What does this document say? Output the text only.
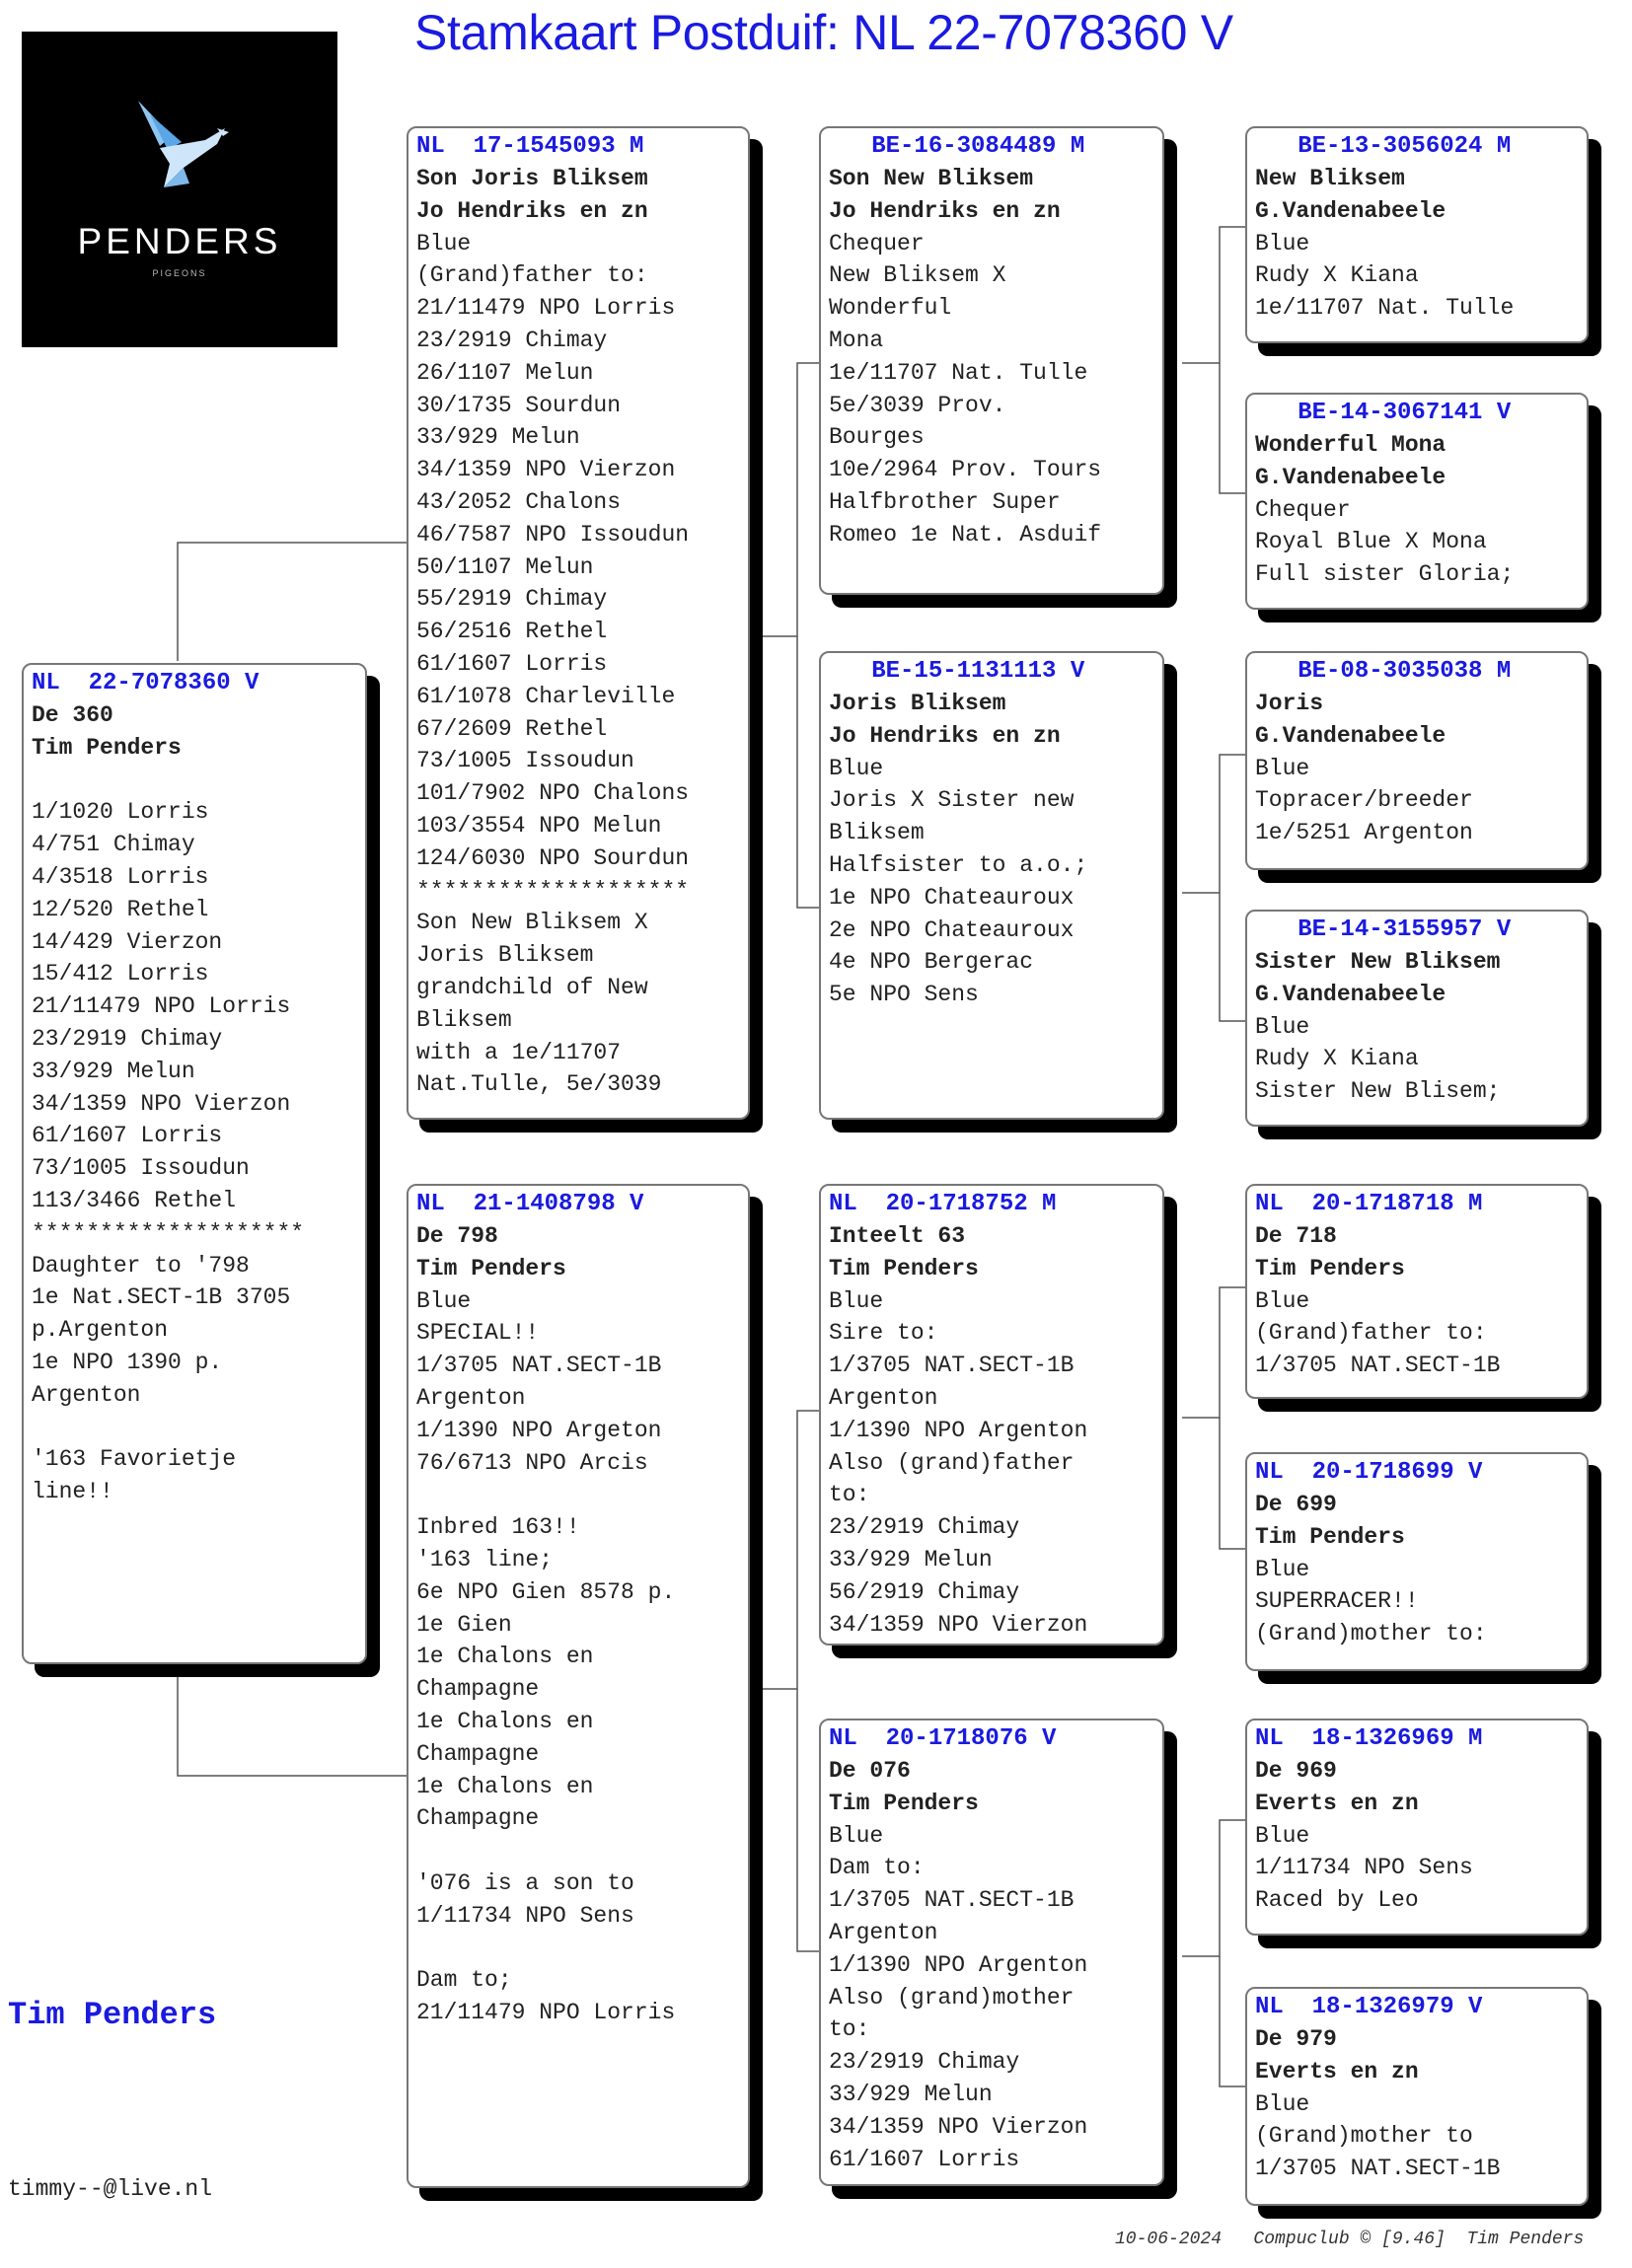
Stamkaart Postduif: NL 22-7078360 V
PENDERS
PIGEONS
NL  22-7078360 V
De 360
Tim Penders
1/1020 Lorris
4/751 Chimay
4/3518 Lorris
12/520 Rethel
14/429 Vierzon
15/412 Lorris
21/11479 NPO Lorris
23/2919 Chimay
33/929 Melun
34/1359 NPO Vierzon
61/1607 Lorris
73/1005 Issoudun
113/3466 Rethel
********************
Daughter to '798
1e Nat.SECT-1B 3705
p.Argenton
1e NPO 1390 p.
Argenton
'163 Favorietje
line!!
NL  17-1545093 M
Son Joris Bliksem
Jo Hendriks en zn
Blue
(Grand)father to:
21/11479 NPO Lorris
23/2919 Chimay
26/1107 Melun
30/1735 Sourdun
33/929 Melun
34/1359 NPO Vierzon
43/2052 Chalons
46/7587 NPO Issoudun
50/1107 Melun
55/2919 Chimay
56/2516 Rethel
61/1607 Lorris
61/1078 Charleville
67/2609 Rethel
73/1005 Issoudun
101/7902 NPO Chalons
103/3554 NPO Melun
124/6030 NPO Sourdun
********************
Son New Bliksem X
Joris Bliksem
grandchild of New
Bliksem
with a 1e/11707
Nat.Tulle, 5e/3039
NL  21-1408798 V
De 798
Tim Penders
Blue
SPECIAL!!
1/3705 NAT.SECT-1B
Argenton
1/1390 NPO Argeton
76/6713 NPO Arcis
Inbred 163!!
'163 line;
6e NPO Gien 8578 p.
1e Gien
1e Chalons en
Champagne
1e Chalons en
Champagne
1e Chalons en
Champagne
'076 is a son to
1/11734 NPO Sens
Dam to;
21/11479 NPO Lorris
BE-16-3084489 M
Son New Bliksem
Jo Hendriks en zn
Chequer
New Bliksem X
Wonderful
Mona
1e/11707 Nat. Tulle
5e/3039 Prov.
Bourges
10e/2964 Prov. Tours
Halfbrother Super
Romeo 1e Nat. Asduif
BE-15-1131113 V
Joris Bliksem
Jo Hendriks en zn
Blue
Joris X Sister new
Bliksem
Halfsister to a.o.;
1e NPO Chateauroux
2e NPO Chateauroux
4e NPO Bergerac
5e NPO Sens
NL  20-1718752 M
Inteelt 63
Tim Penders
Blue
Sire to:
1/3705 NAT.SECT-1B
Argenton
1/1390 NPO Argenton
Also (grand)father
to:
23/2919 Chimay
33/929 Melun
56/2919 Chimay
34/1359 NPO Vierzon
NL  20-1718076 V
De 076
Tim Penders
Blue
Dam to:
1/3705 NAT.SECT-1B
Argenton
1/1390 NPO Argenton
Also (grand)mother
to:
23/2919 Chimay
33/929 Melun
34/1359 NPO Vierzon
61/1607 Lorris
BE-13-3056024 M
New Bliksem
G.Vandenabeele
Blue
Rudy X Kiana
1e/11707 Nat. Tulle
BE-14-3067141 V
Wonderful Mona
G.Vandenabeele
Chequer
Royal Blue X Mona
Full sister Gloria;
BE-08-3035038 M
Joris
G.Vandenabeele
Blue
Topracer/breeder
1e/5251 Argenton
BE-14-3155957 V
Sister New Bliksem
G.Vandenabeele
Blue
Rudy X Kiana
Sister New Blisem;
NL  20-1718718 M
De 718
Tim Penders
Blue
(Grand)father to:
1/3705 NAT.SECT-1B
NL  20-1718699 V
De 699
Tim Penders
Blue
SUPERRACER!!
(Grand)mother to:
NL  18-1326969 M
De 969
Everts en zn
Blue
1/11734 NPO Sens
Raced by Leo
NL  18-1326979 V
De 979
Everts en zn
Blue
(Grand)mother to
1/3705 NAT.SECT-1B
Tim Penders
timmy--@live.nl
10-06-2024   Compuclub © [9.46]  Tim Penders
